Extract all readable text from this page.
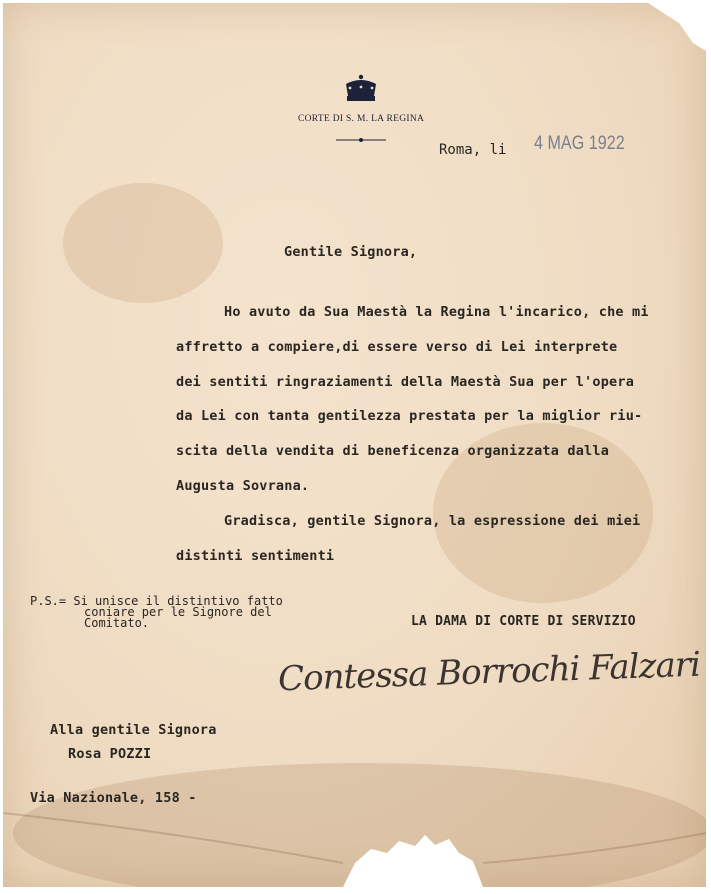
CORTE DI S. M. LA REGINA
Roma, li 4 MAG 1922
Gentile Signora,
Ho avuto da Sua Maestà la Regina l'incarico, che mi
affretto a compiere,di essere verso di Lei interprete
dei sentiti ringraziamenti della Maestà Sua per l'opera
da Lei con tanta gentilezza prestata per la miglior riu-
scita della vendita di beneficenza organizzata dalla
Augusta Sovrana.
Gradisca, gentile Signora, la espressione dei miei
distinti sentimenti
P.S.= Si unisce il distintivo fatto
coniare per le Signore del
Comitato.	LA DAMA DI CORTE DI SERVIZIO
Contessa Borrochi Falzari
Alla gentile Signora
Rosa POZZI
Via Nazionale, 158 -
